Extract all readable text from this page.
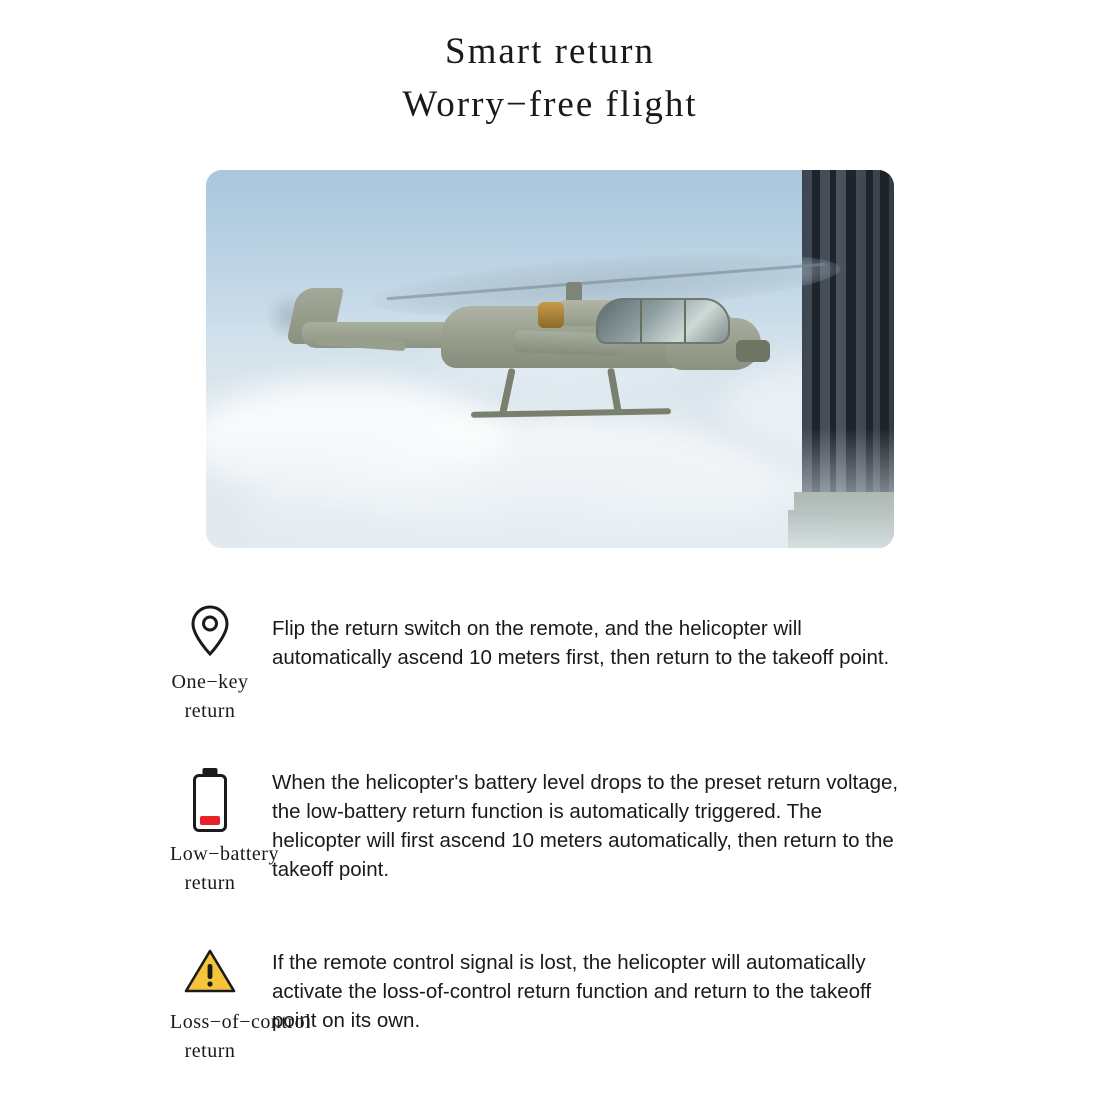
Smart return
Worry−free flight
One−key
return
Flip the return switch on the remote, and the helicopter will automatically ascend 10 meters first, then return to the takeoff point.
Low−battery
return
When the helicopter's battery level drops to the preset return voltage, the low-battery return function is automatically triggered. The helicopter will first ascend 10 meters automatically, then return to the takeoff point.
Loss−of−control
return
If the remote control signal is lost, the helicopter will automatically activate the loss-of-control return function and return to the takeoff point on its own.
